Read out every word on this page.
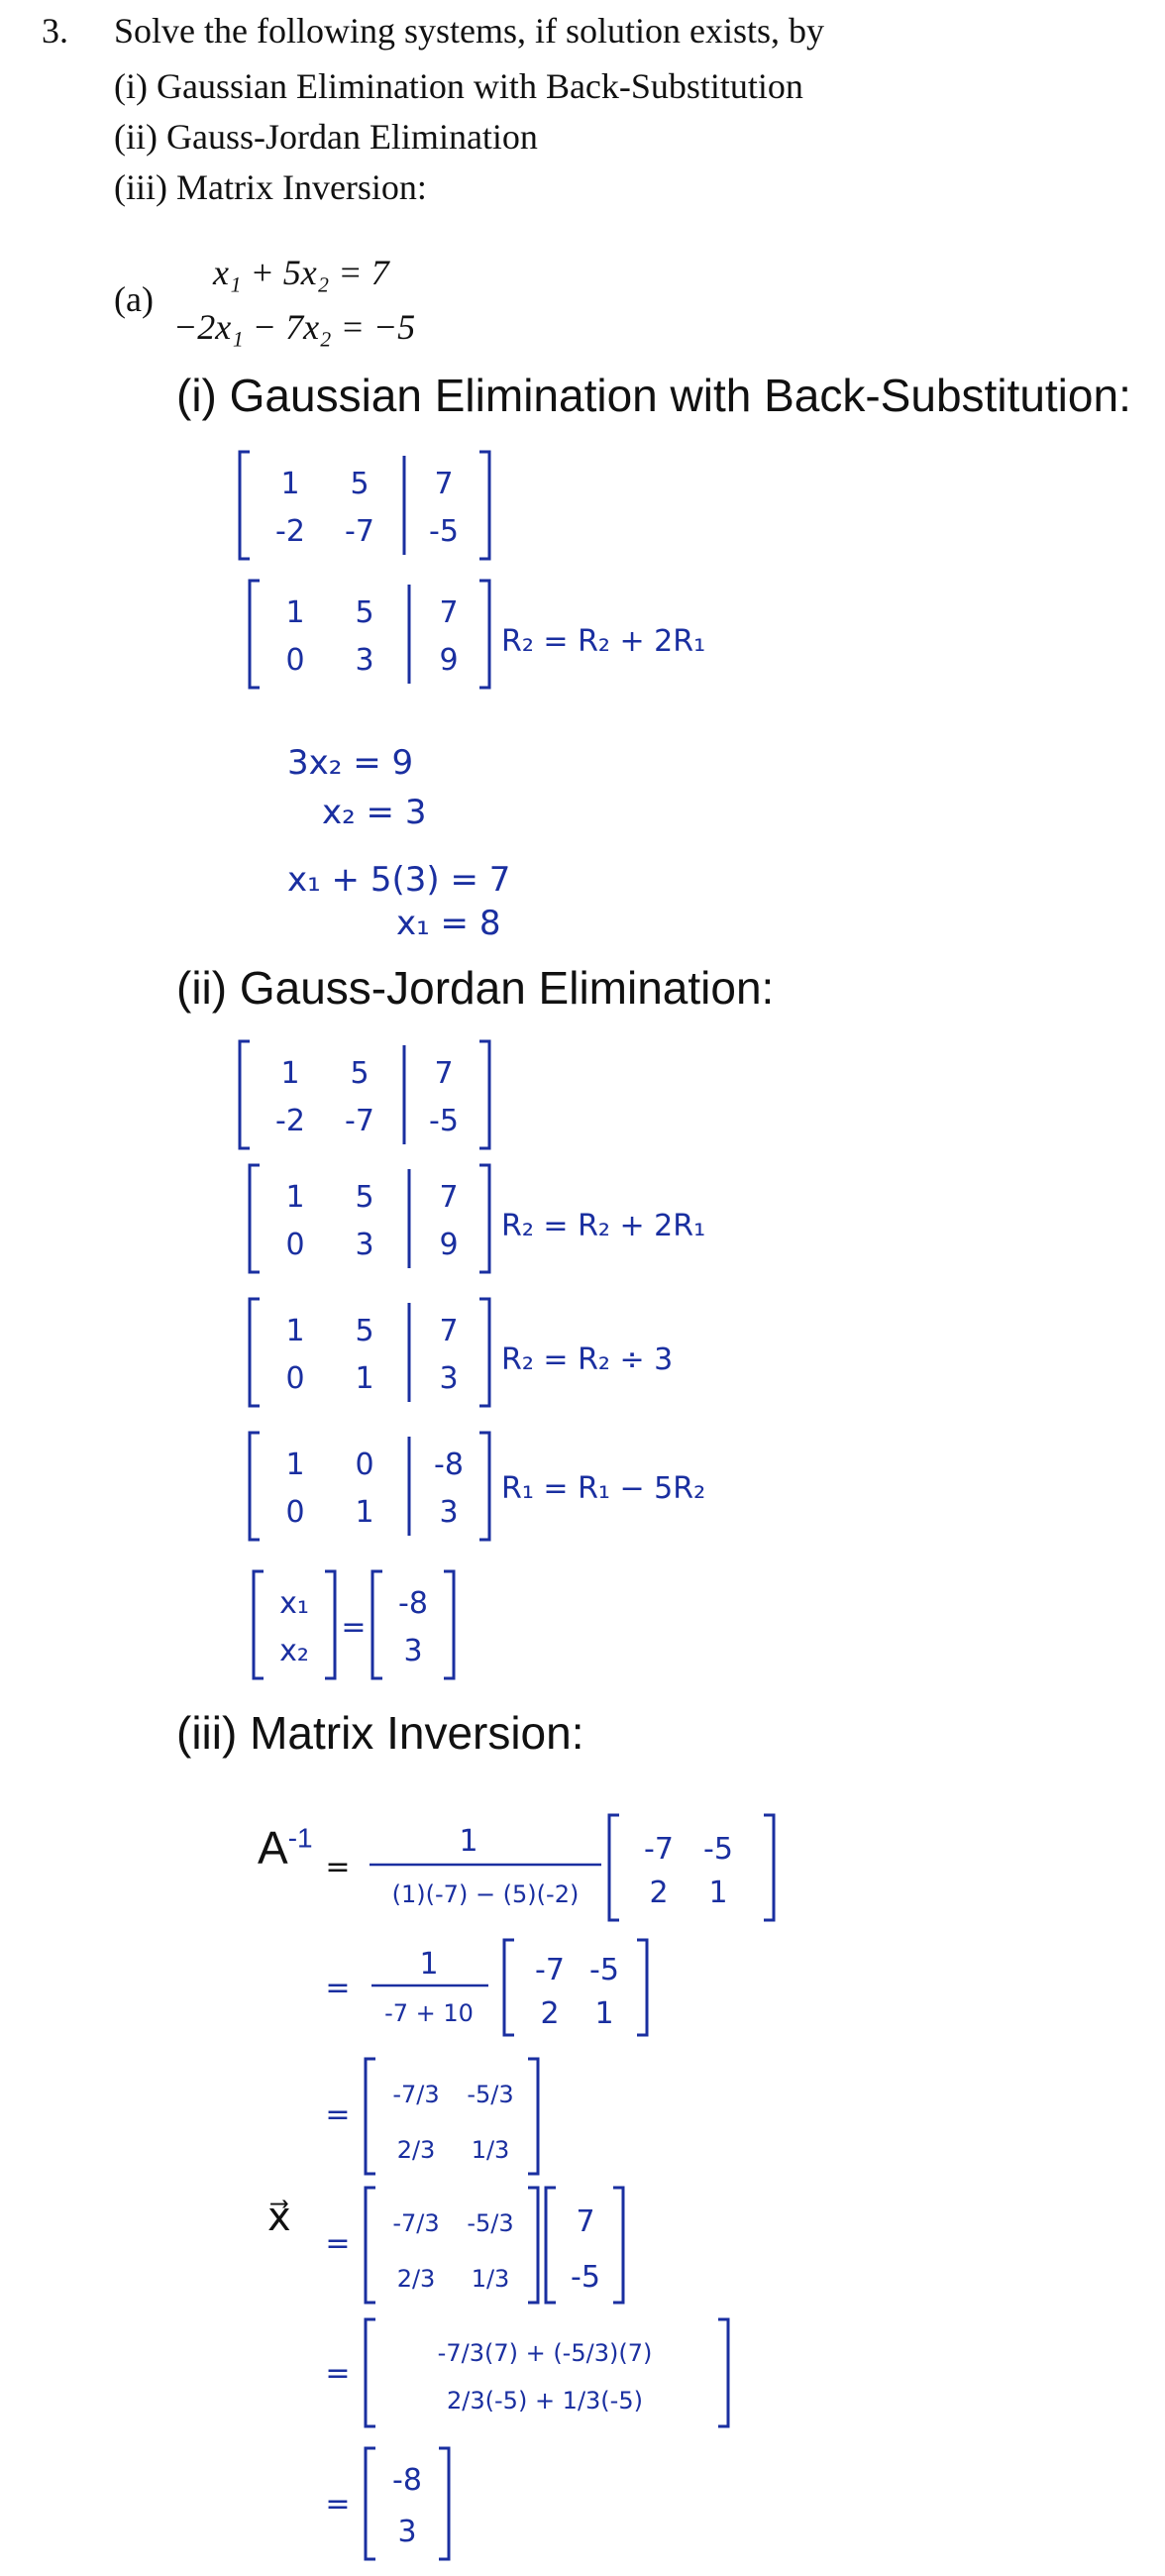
3. Solve the following systems, if solution exists, by
(i) Gaussian Elimination with Back-Substitution
(ii) Gauss-Jordan Elimination
(iii) Matrix Inversion:
(a)
x₁ + 5x₂ = 7
−2x₁ − 7x₂ = −5
(i) Gaussian Elimination with Back-Substitution:
1 5 7
-2 -7 -5
1 5 7
0 3 9
R₂ = R₂ + 2R₁
3x₂ = 9
x₂ = 3
x₁ + 5(3) = 7
x₁ = 8
(ii) Gauss-Jordan Elimination:
1 5 7
-2 -7 -5
1 5 7
0 3 9
R₂ = R₂ + 2R₁
1 5 7
0 1 3
R₂ = R₂ ÷ 3
1 0 -8
0 1 3
R₁ = R₁ − 5R₂
x₁
x₂
=
-8
3
(iii) Matrix Inversion:
$A^{-1}$
=
1
(1)(-7) − (5)(-2)
-7 -5
2 1
=
1
-7 + 10
-7 -5
2 1
=
-7/3 -5/3
2/3 1/3
x⃗
=
-7/3 -5/3
2/3 1/3
7
-5
=
-7/3(7) + (-5/3)(7)
2/3(-5) + 1/3(-5)
=
-8
3
